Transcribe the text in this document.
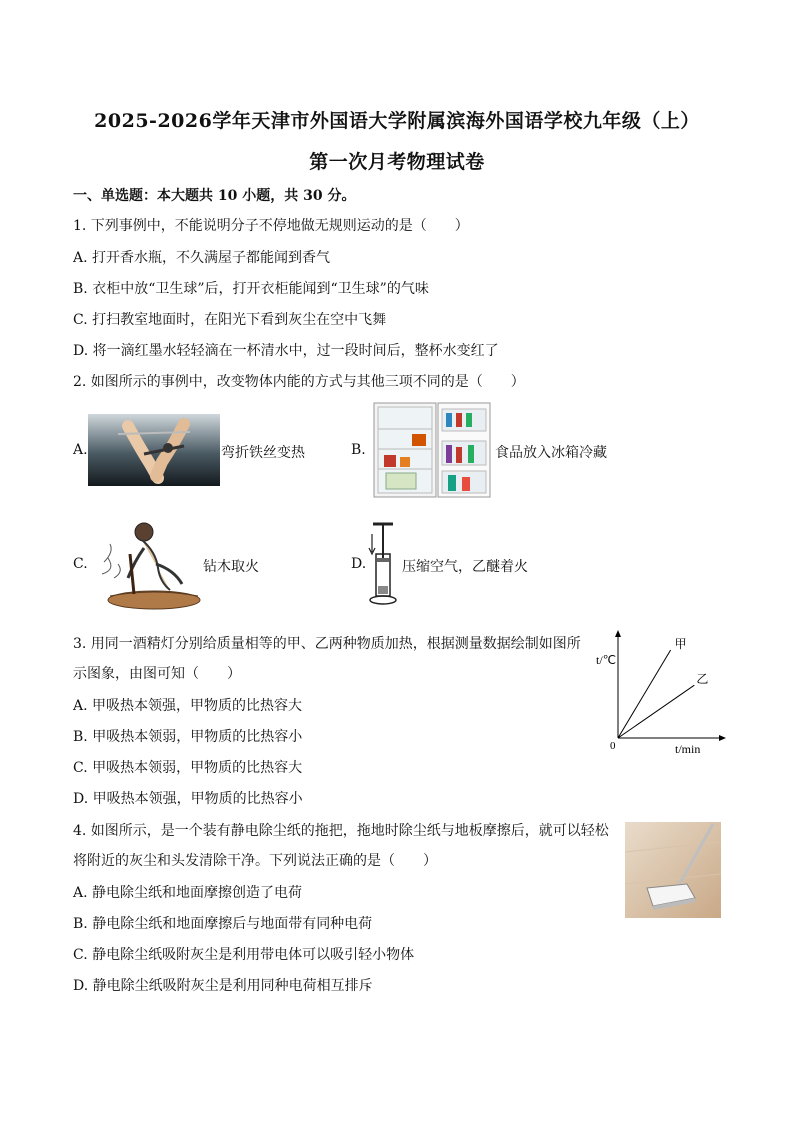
2025-2026学年天津市外国语大学附属滨海外国语学校九年级（上）
第一次月考物理试卷
一、单选题：本大题共 10 小题，共 30 分。
1. 下列事例中，不能说明分子不停地做无规则运动的是（　　）
A. 打开香水瓶，不久满屋子都能闻到香气
B. 衣柜中放“卫生球”后，打开衣柜能闻到“卫生球”的气味
C. 打扫教室地面时，在阳光下看到灰尘在空中飞舞
D. 将一滴红墨水轻轻滴在一杯清水中，过一段时间后，整杯水变红了
2. 如图所示的事例中，改变物体内能的方式与其他三项不同的是（　　）
A.	弯折铁丝变热	B.	食品放入冰箱冷藏
C.	钻木取火	D.	压缩空气，乙醚着火
3. 用同一酒精灯分别给质量相等的甲、乙两种物质加热，根据测量数据绘制如图所
示图象，由图可知（　　）
A. 甲吸热本领强，甲物质的比热容大
B. 甲吸热本领弱，甲物质的比热容小
C. 甲吸热本领弱，甲物质的比热容大
D. 甲吸热本领强，甲物质的比热容小
甲
乙
t/℃
t/min
0
4. 如图所示，是一个装有静电除尘纸的拖把，拖地时除尘纸与地板摩擦后，就可以轻松
将附近的灰尘和头发清除干净。下列说法正确的是（　　）
A. 静电除尘纸和地面摩擦创造了电荷
B. 静电除尘纸和地面摩擦后与地面带有同种电荷
C. 静电除尘纸吸附灰尘是利用带电体可以吸引轻小物体
D. 静电除尘纸吸附灰尘是利用同种电荷相互排斥
